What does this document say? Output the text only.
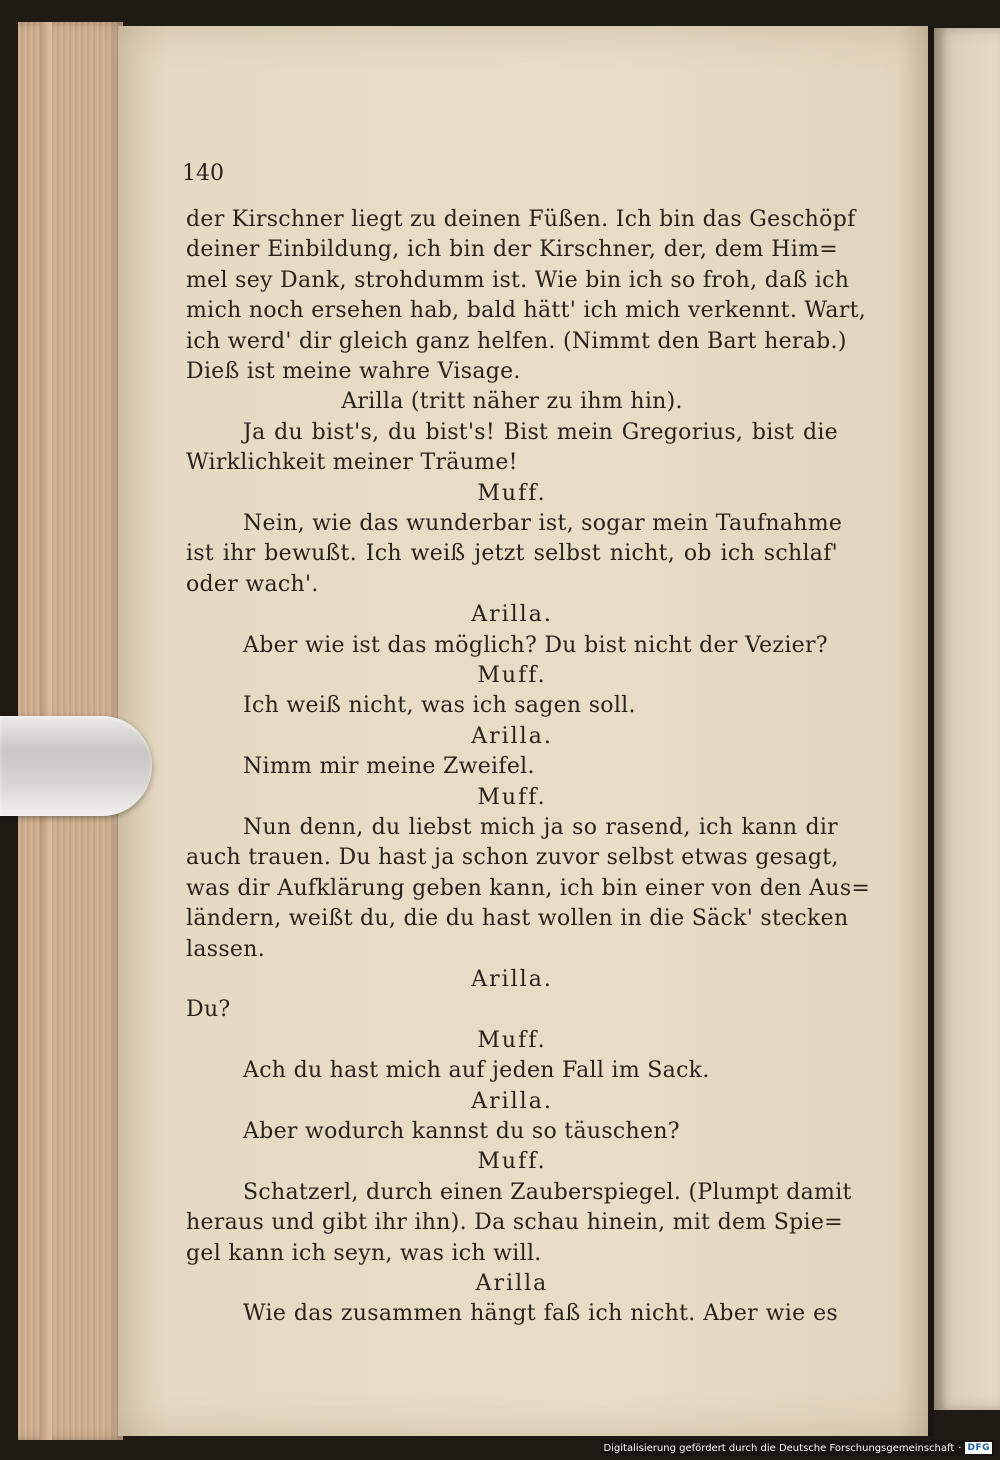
140
der Kirschner liegt zu deinen Füßen. Ich bin das Geschöpf
deiner Einbildung, ich bin der Kirschner, der, dem Him=
mel sey Dank, strohdumm ist. Wie bin ich so froh, daß ich
mich noch ersehen hab, bald hätt' ich mich verkennt. Wart,
ich werd' dir gleich ganz helfen. (Nimmt den Bart herab.)
Dieß ist meine wahre Visage.
Arilla (tritt näher zu ihm hin).
Ja du bist's, du bist's! Bist mein Gregorius, bist die
Wirklichkeit meiner Träume!
Muff.
Nein, wie das wunderbar ist, sogar mein Taufnahme
ist ihr bewußt. Ich weiß jetzt selbst nicht, ob ich schlaf'
oder wach'.
Arilla.
Aber wie ist das möglich? Du bist nicht der Vezier?
Muff.
Ich weiß nicht, was ich sagen soll.
Arilla.
Nimm mir meine Zweifel.
Muff.
Nun denn, du liebst mich ja so rasend, ich kann dir
auch trauen. Du hast ja schon zuvor selbst etwas gesagt,
was dir Aufklärung geben kann, ich bin einer von den Aus=
ländern, weißt du, die du hast wollen in die Säck' stecken
lassen.
Arilla.
Du?
Muff.
Ach du hast mich auf jeden Fall im Sack.
Arilla.
Aber wodurch kannst du so täuschen?
Muff.
Schatzerl, durch einen Zauberspiegel. (Plumpt damit
heraus und gibt ihr ihn). Da schau hinein, mit dem Spie=
gel kann ich seyn, was ich will.
Arilla
Wie das zusammen hängt faß ich nicht. Aber wie es
Digitalisierung gefördert durch die Deutsche Forschungsgemeinschaft · DFG
